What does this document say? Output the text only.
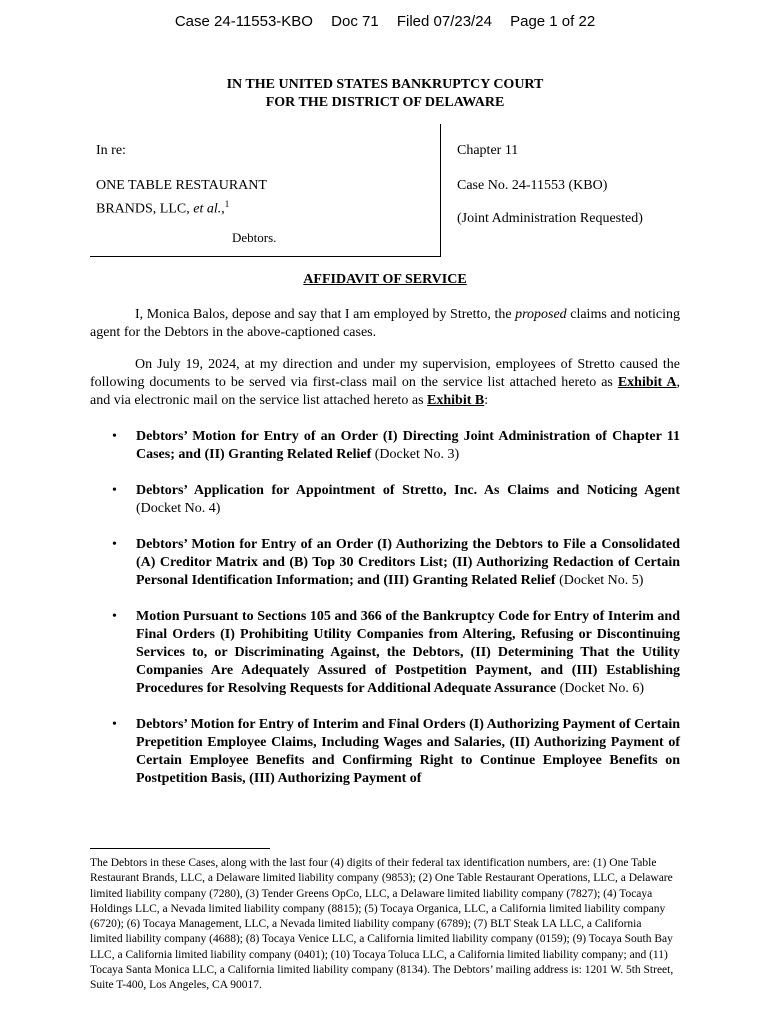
Case 24-11553-KBO Doc 71 Filed 07/23/24 Page 1 of 22
IN THE UNITED STATES BANKRUPTCY COURT
FOR THE DISTRICT OF DELAWARE
In re:
ONE TABLE RESTAURANT
BRANDS, LLC, et al.,$^1$
Debtors.
Chapter 11
Case No. 24-11553 (KBO)
(Joint Administration Requested)
AFFIDAVIT OF SERVICE
I, Monica Balos, depose and say that I am employed by Stretto, the proposed claims and noticing agent for the Debtors in the above-captioned cases.
On July 19, 2024, at my direction and under my supervision, employees of Stretto caused the following documents to be served via first-class mail on the service list attached hereto as Exhibit A, and via electronic mail on the service list attached hereto as Exhibit B:
• Debtors’ Motion for Entry of an Order (I) Directing Joint Administration of Chapter 11 Cases; and (II) Granting Related Relief (Docket No. 3)
• Debtors’ Application for Appointment of Stretto, Inc. As Claims and Noticing Agent (Docket No. 4)
• Debtors’ Motion for Entry of an Order (I) Authorizing the Debtors to File a Consolidated (A) Creditor Matrix and (B) Top 30 Creditors List; (II) Authorizing Redaction of Certain Personal Identification Information; and (III) Granting Related Relief (Docket No. 5)
• Motion Pursuant to Sections 105 and 366 of the Bankruptcy Code for Entry of Interim and Final Orders (I) Prohibiting Utility Companies from Altering, Refusing or Discontinuing Services to, or Discriminating Against, the Debtors, (II) Determining That the Utility Companies Are Adequately Assured of Postpetition Payment, and (III) Establishing Procedures for Resolving Requests for Additional Adequate Assurance (Docket No. 6)
• Debtors’ Motion for Entry of Interim and Final Orders (I) Authorizing Payment of Certain Prepetition Employee Claims, Including Wages and Salaries, (II) Authorizing Payment of Certain Employee Benefits and Confirming Right to Continue Employee Benefits on Postpetition Basis, (III) Authorizing Payment of
The Debtors in these Cases, along with the last four (4) digits of their federal tax identification numbers, are: (1) One Table Restaurant Brands, LLC, a Delaware limited liability company (9853); (2) One Table Restaurant Operations, LLC, a Delaware limited liability company (7280), (3) Tender Greens OpCo, LLC, a Delaware limited liability company (7827); (4) Tocaya Holdings LLC, a Nevada limited liability company (8815); (5) Tocaya Organica, LLC, a California limited liability company (6720); (6) Tocaya Management, LLC, a Nevada limited liability company (6789); (7) BLT Steak LA LLC, a California limited liability company (4688); (8) Tocaya Venice LLC, a California limited liability company (0159); (9) Tocaya South Bay LLC, a California limited liability company (0401); (10) Tocaya Toluca LLC, a California limited liability company; and (11) Tocaya Santa Monica LLC, a California limited liability company (8134). The Debtors’ mailing address is: 1201 W. 5th Street, Suite T-400, Los Angeles, CA 90017.
